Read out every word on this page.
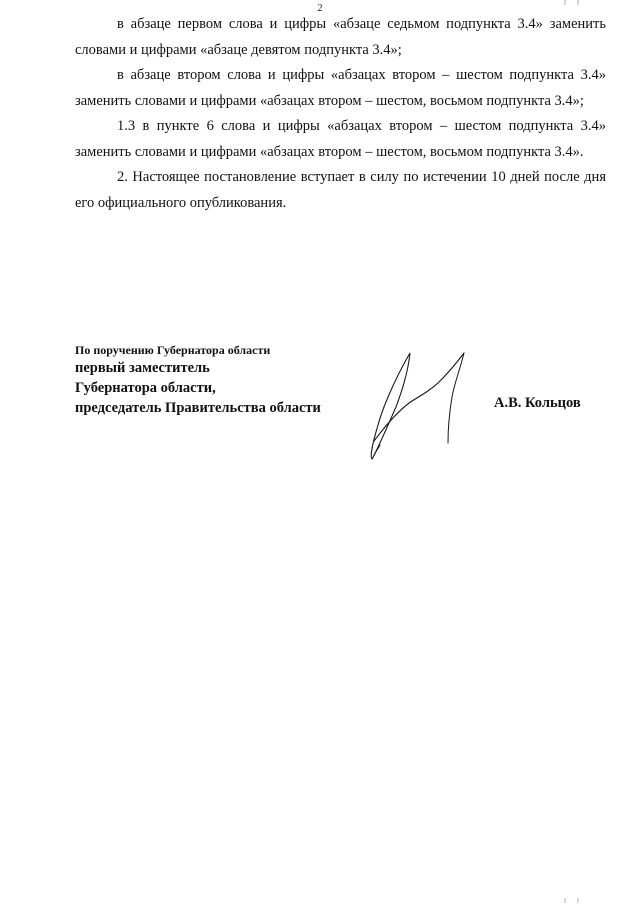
2

в абзаце первом слова и цифры «абзаце седьмом подпункта 3.4» заменить словами и цифрами «абзаце девятом подпункта 3.4»;

в абзаце втором слова и цифры «абзацах втором – шестом подпункта 3.4» заменить словами и цифрами «абзацах втором – шестом, восьмом подпункта 3.4»;

1.3 в пункте 6 слова и цифры «абзацах втором – шестом подпункта 3.4» заменить словами и цифрами «абзацах втором – шестом, восьмом подпункта 3.4».

2. Настоящее постановление вступает в силу по истечении 10 дней после дня его официального опубликования.

По поручению Губернатора области
первый заместитель
Губернатора области,
председатель Правительства области	А.В. Кольцов
